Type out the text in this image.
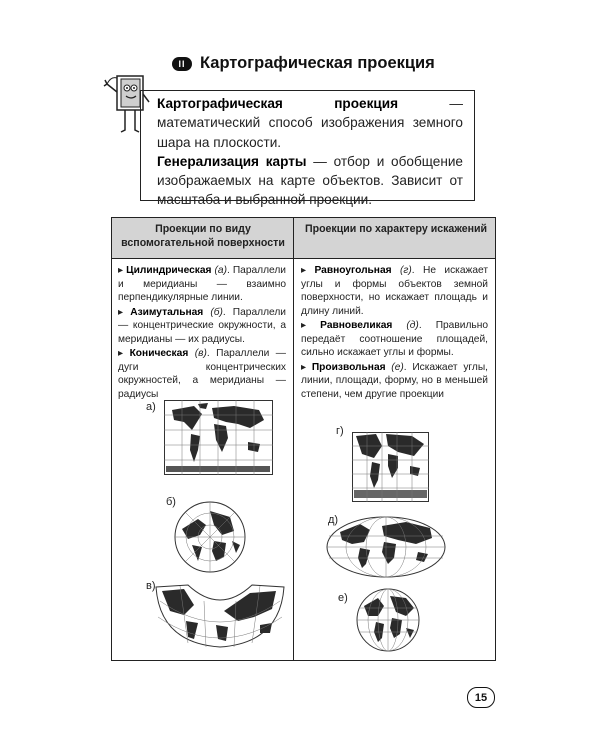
II Картографическая проекция

Картографическая проекция — математический способ изображения земного шара на плоскости.

Генерализация карты — отбор и обобщение изображаемых на карте объектов. Зависит от масштаба и выбранной проекции.

Проекции по виду вспомогательной поверхности
Проекции по характеру искажений

▸ Цилиндрическая (а). Параллели и меридианы — взаимно перпендикулярные линии.

▸ Азимутальная (б). Параллели — концентрические окружности, а меридианы — их радиусы.

▸ Коническая (в). Параллели — дуги концентрических окружностей, а меридианы — радиусы

▸ Равноугольная (г). Не искажает углы и формы объектов земной поверхности, но искажает площадь и длину линий.

▸ Равновеликая (д). Правильно передаёт соотношение площадей, сильно искажает углы и формы.

▸ Произвольная (е). Искажает углы, линии, площади, форму, но в меньшей степени, чем другие проекции

а)
б)
в)
г)
д)
е)
15
